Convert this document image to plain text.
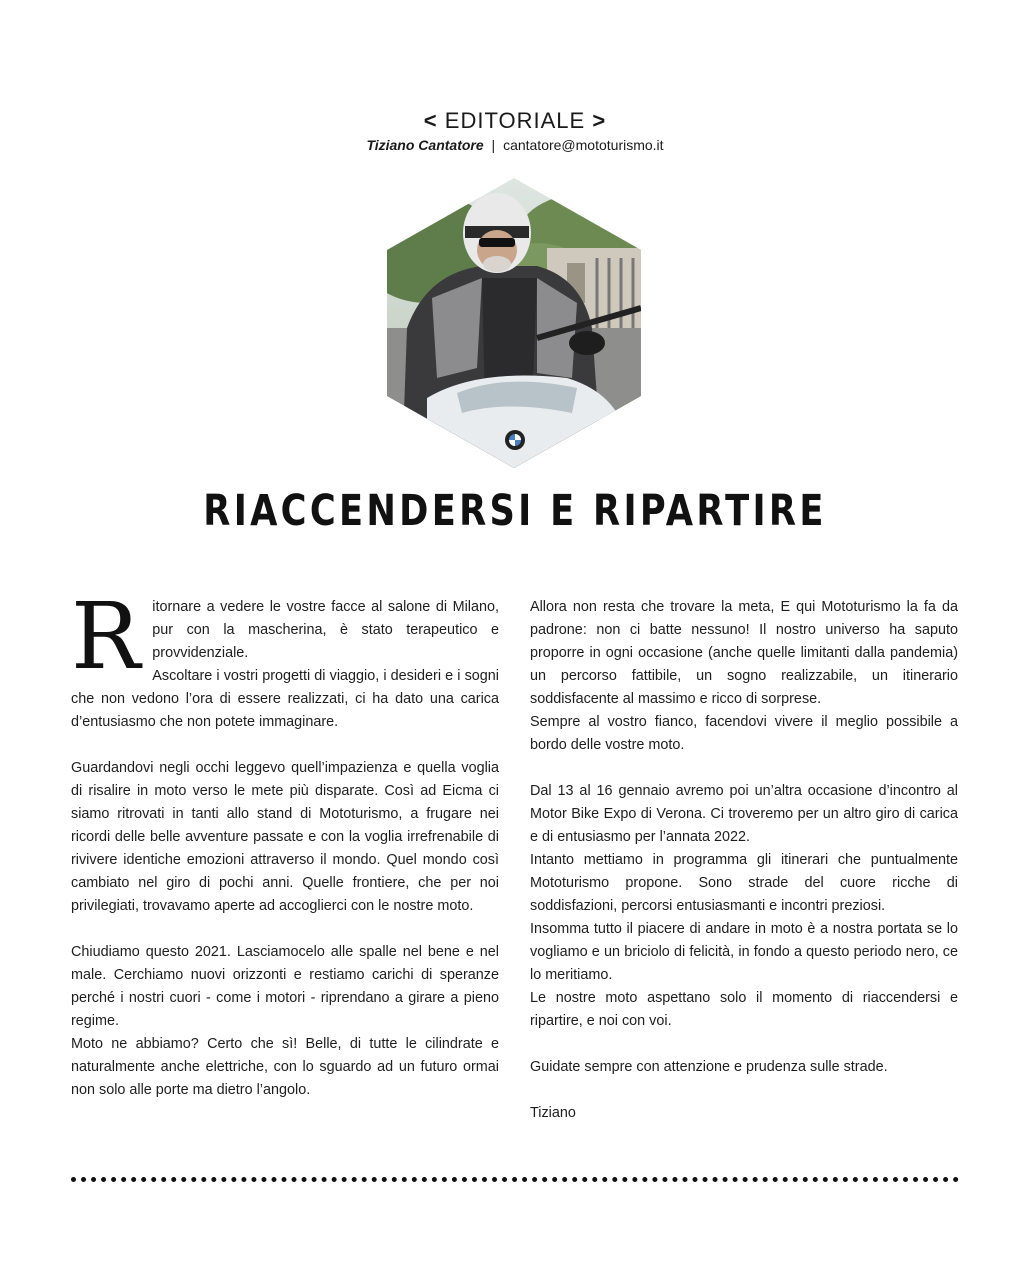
< EDITORIALE >
Tiziano Cantatore | cantatore@mototurismo.it
RIACCENDERSI E RIPARTIRE
R itornare a vedere le vostre facce al salone di Milano, pur con la mascherina, è stato terapeutico e provvidenziale.

Ascoltare i vostri progetti di viaggio, i desideri e i sogni che non vedono l’ora di essere realizzati, ci ha dato una carica d’entusiasmo che non potete immaginare.

Guardandovi negli occhi leggevo quell’impazienza e quella voglia di risalire in moto verso le mete più disparate. Così ad Eicma ci siamo ritrovati in tanti allo stand di Mototurismo, a frugare nei ricordi delle belle avventure passate e con la voglia irrefrenabile di rivivere identiche emozioni attraverso il mondo. Quel mondo così cambiato nel giro di pochi anni. Quelle frontiere, che per noi privilegiati, trovavamo aperte ad accoglierci con le nostre moto.

Chiudiamo questo 2021. Lasciamocelo alle spalle nel bene e nel male. Cerchiamo nuovi orizzonti e restiamo carichi di speranze perché i nostri cuori - come i motori - riprendano a girare a pieno regime.

Moto ne abbiamo? Certo che sì! Belle, di tutte le cilindrate e naturalmente anche elettriche, con lo sguardo ad un futuro ormai non solo alle porte ma dietro l’angolo.

Allora non resta che trovare la meta, E qui Mototurismo la fa da padrone: non ci batte nessuno! Il nostro universo ha saputo proporre in ogni occasione (anche quelle limitanti dalla pandemia) un percorso fattibile, un sogno realizzabile, un itinerario soddisfacente al massimo e ricco di sorprese.

Sempre al vostro fianco, facendovi vivere il meglio possibile a bordo delle vostre moto.

Dal 13 al 16 gennaio avremo poi un’altra occasione d’incontro al Motor Bike Expo di Verona. Ci troveremo per un altro giro di carica e di entusiasmo per l’annata 2022.

Intanto mettiamo in programma gli itinerari che puntualmente Mototurismo propone. Sono strade del cuore ricche di soddisfazioni, percorsi entusiasmanti e incontri preziosi.

Insomma tutto il piacere di andare in moto è a nostra portata se lo vogliamo e un briciolo di felicità, in fondo a questo periodo nero, ce lo meritiamo.

Le nostre moto aspettano solo il momento di riaccendersi e ripartire, e noi con voi.

Guidate sempre con attenzione e prudenza sulle strade.

Tiziano
